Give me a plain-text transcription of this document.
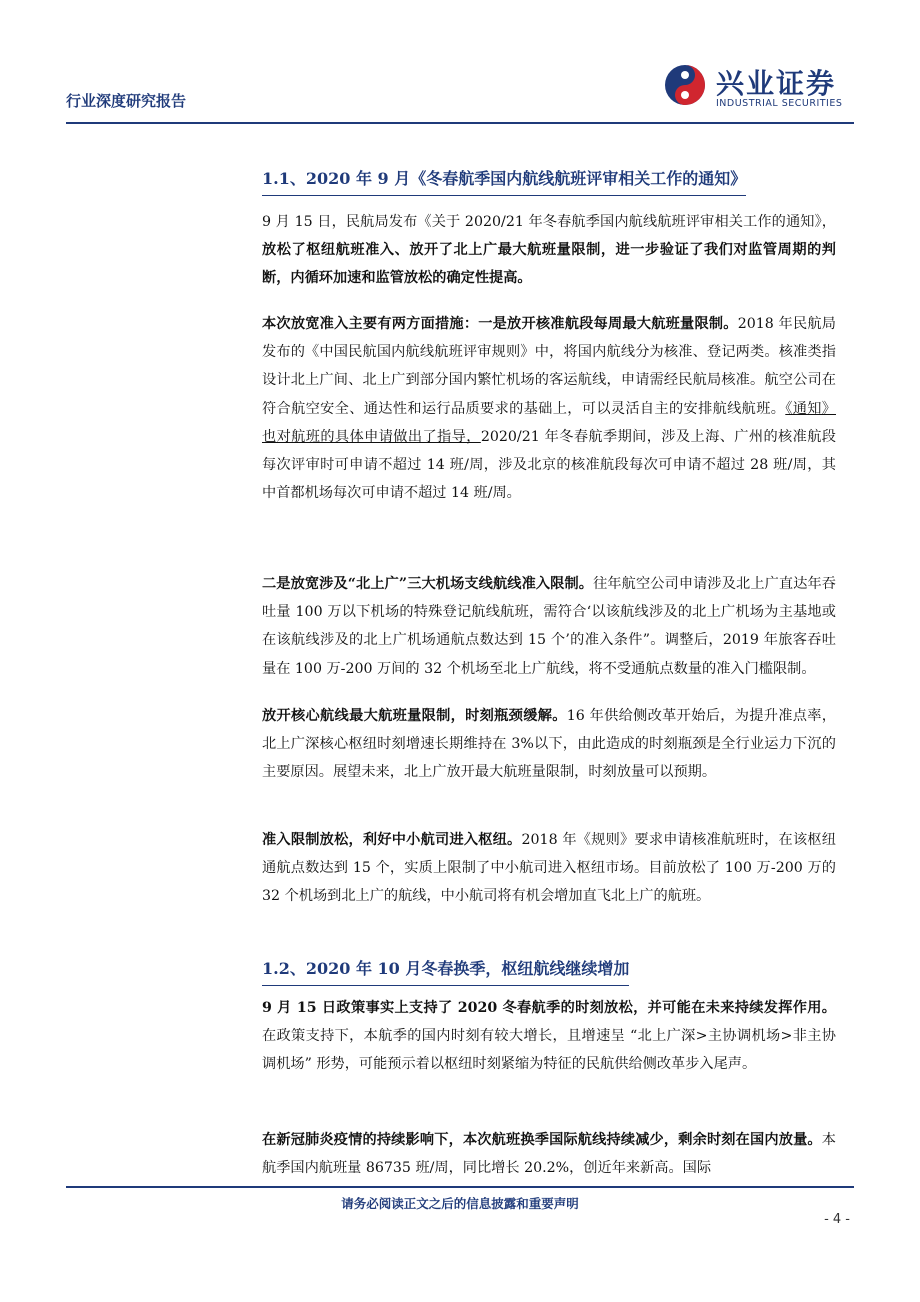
行业深度研究报告
兴业证券
INDUSTRIAL SECURITIES
1.1、2020 年 9 月《冬春航季国内航线航班评审相关工作的通知》
9 月 15 日，民航局发布《关于 2020/21 年冬春航季国内航线航班评审相关工作的通知》，放松了枢纽航班准入、放开了北上广最大航班量限制，进一步验证了我们对监管周期的判断，内循环加速和监管放松的确定性提高。
本次放宽准入主要有两方面措施：一是放开核准航段每周最大航班量限制。2018 年民航局发布的《中国民航国内航线航班评审规则》中，将国内航线分为核准、登记两类。核准类指设计北上广间、北上广到部分国内繁忙机场的客运航线，申请需经民航局核准。航空公司在符合航空安全、通达性和运行品质要求的基础上，可以灵活自主的安排航线航班。《通知》也对航班的具体申请做出了指导，2020/21 年冬春航季期间，涉及上海、广州的核准航段每次评审时可申请不超过 14 班/周，涉及北京的核准航段每次可申请不超过 28 班/周，其中首都机场每次可申请不超过 14 班/周。
二是放宽涉及“北上广”三大机场支线航线准入限制。往年航空公司申请涉及北上广直达年吞吐量 100 万以下机场的特殊登记航线航班，需符合‘以该航线涉及的北上广机场为主基地或在该航线涉及的北上广机场通航点数达到 15 个’的准入条件”。调整后，2019 年旅客吞吐量在 100 万-200 万间的 32 个机场至北上广航线，将不受通航点数量的准入门槛限制。
放开核心航线最大航班量限制，时刻瓶颈缓解。16 年供给侧改革开始后，为提升准点率，北上广深核心枢纽时刻增速长期维持在 3%以下，由此造成的时刻瓶颈是全行业运力下沉的主要原因。展望未来，北上广放开最大航班量限制，时刻放量可以预期。
准入限制放松，利好中小航司进入枢纽。2018 年《规则》要求申请核准航班时，在该枢纽通航点数达到 15 个，实质上限制了中小航司进入枢纽市场。目前放松了 100 万-200 万的 32 个机场到北上广的航线，中小航司将有机会增加直飞北上广的航班。
1.2、2020 年 10 月冬春换季，枢纽航线继续增加
9 月 15 日政策事实上支持了 2020 冬春航季的时刻放松，并可能在未来持续发挥作用。在政策支持下，本航季的国内时刻有较大增长，且增速呈 “北上广深>主协调机场>非主协调机场” 形势，可能预示着以枢纽时刻紧缩为特征的民航供给侧改革步入尾声。
在新冠肺炎疫情的持续影响下，本次航班换季国际航线持续减少，剩余时刻在国内放量。本航季国内航班量 86735 班/周，同比增长 20.2%，创近年来新高。国际
请务必阅读正文之后的信息披露和重要声明
- 4 -
